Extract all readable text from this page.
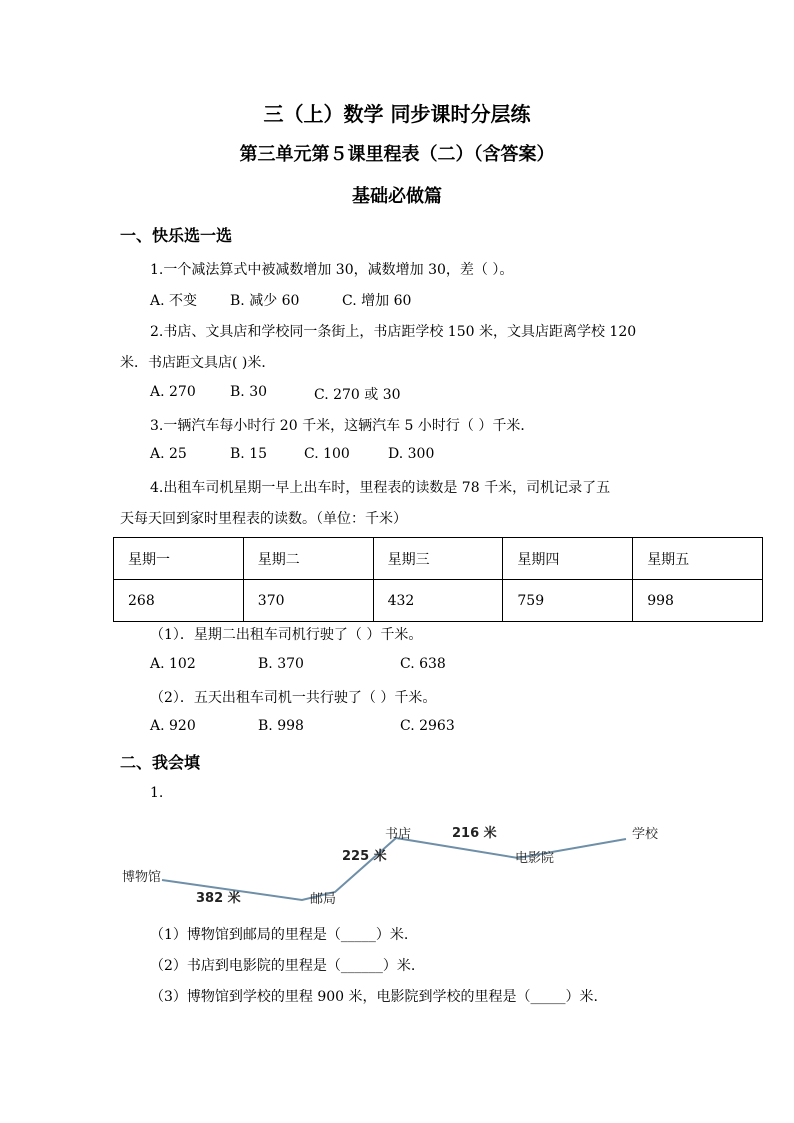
三（上）数学 同步课时分层练
第三单元第５课里程表（二）（含答案）
基础必做篇
一、快乐选一选
1.一个减法算式中被减数增加 30，减数增加 30，差（ ）。
A. 不变 B. 减少 60	C. 增加 60
2.书店、文具店和学校同一条街上，书店距学校 150 米，文具店距离学校 120
米．书店距文具店( )米．
A. 270 B. 30	C. 270 或 30
3.一辆汽车每小时行 20 千米，这辆汽车 5 小时行（ ）千米．
A. 25	B. 15	C. 100	D. 300
4.出租车司机星期一早上出车时，里程表的读数是 78 千米，司机记录了五
天每天回到家时里程表的读数。（单位：千米）
星期一	星期二	星期三	星期四	星期五
268	370	432	759	998
（1）．星期二出租车司机行驶了（ ）千米。
A. 102	B. 370	C. 638
（2）．五天出租车司机一共行驶了（ ）千米。
A. 920	B. 998	C. 2963
二、我会填
1.
博物馆
邮局
书店
电影院
学校
382 米
225 米
216 米
（1）博物馆到邮局的里程是（_____）米.
（2）书店到电影院的里程是（______）米.
（3）博物馆到学校的里程 900 米，电影院到学校的里程是（_____）米.
